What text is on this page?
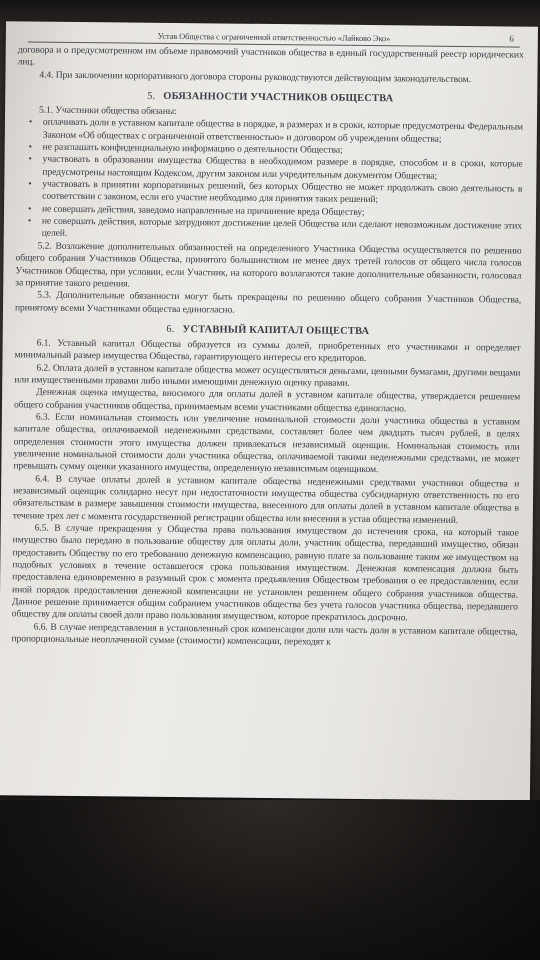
Устав Общества с ограниченной ответственностью «Лайково Эко»	6

договора и о предусмотренном им объеме правомочий участников общества в единый государственный реестр юридических лиц.

4.4. При заключении корпоративного договора стороны руководствуются действующим законодательством.

5. ОБЯЗАННОСТИ УЧАСТНИКОВ ОБЩЕСТВА

5.1. Участники общества обязаны:

• оплачивать доли в уставном капитале общества в порядке, в размерах и в сроки, которые предусмотрены Федеральным Законом «Об обществах с ограниченной ответственностью» и договором об учреждении общества;

• не разглашать конфиденциальную информацию о деятельности Общества;

• участвовать в образовании имущества Общества в необходимом размере в порядке, способом и в сроки, которые предусмотрены настоящим Кодексом, другим законом или учредительным документом Общества;

• участвовать в принятии корпоративных решений, без которых Общество не может продолжать свою деятельность в соответствии с законом, если его участие необходимо для принятия таких решений;

• не совершать действия, заведомо направленные на причинение вреда Обществу;

• не совершать действия, которые затрудняют достижение целей Общества или сделают невозможным достижение этих целей.

5.2. Возложение дополнительных обязанностей на определенного Участника Общества осуществляется по решению общего собрания Участников Общества, принятого большинством не менее двух третей голосов от общего числа голосов Участников Общества, при условии, если Участник, на которого возлагаются такие дополнительные обязанности, голосовал за принятие такого решения.

5.3. Дополнительные обязанности могут быть прекращены по решению общего собрания Участников Общества, принятому всеми Участниками общества единогласно.

6. УСТАВНЫЙ КАПИТАЛ ОБЩЕСТВА

6.1. Уставный капитал Общества образуется из суммы долей, приобретенных его участниками и определяет минимальный размер имущества Общества, гарантирующего интересы его кредиторов.

6.2. Оплата долей в уставном капитале общества может осуществляться деньгами, ценными бумагами, другими вещами или имущественными правами либо иными имеющими денежную оценку правами.

Денежная оценка имущества, вносимого для оплаты долей в уставном капитале общества, утверждается решением общего собрания участников общества, принимаемым всеми участниками общества единогласно.

6.3. Если номинальная стоимость или увеличение номинальной стоимости доли участника общества в уставном капитале общества, оплачиваемой неденежными средствами, составляет более чем двадцать тысяч рублей, в целях определения стоимости этого имущества должен привлекаться независимый оценщик. Номинальная стоимость или увеличение номинальной стоимости доли участника общества, оплачиваемой такими неденежными средствами, не может превышать сумму оценки указанного имущества, определенную независимым оценщиком.

6.4. В случае оплаты долей в уставном капитале общества неденежными средствами участники общества и независимый оценщик солидарно несут при недостаточности имущества общества субсидиарную ответственность по его обязательствам в размере завышения стоимости имущества, внесенного для оплаты долей в уставном капитале общества в течение трех лет с момента государственной регистрации общества или внесения в устав общества изменений.

6.5. В случае прекращения у Общества права пользования имуществом до истечения срока, на который такое имущество было передано в пользование обществу для оплаты доли, участник общества, передавший имущество, обязан предоставить Обществу по его требованию денежную компенсацию, равную плате за пользование таким же имуществом на подобных условиях в течение оставшегося срока пользования имуществом. Денежная компенсация должна быть предоставлена единовременно в разумный срок с момента предъявления Обществом требования о ее предоставлении, если иной порядок предоставления денежной компенсации не установлен решением общего собрания участников общества. Данное решение принимается общим собранием участников общества без учета голосов участника общества, передавшего обществу для оплаты своей доли право пользования имуществом, которое прекратилось досрочно.

6.6. В случае непредставления в установленный срок компенсации доли или часть доли в уставном капитале общества, пропорциональные неоплаченной сумме (стоимости) компенсации, переходят к
